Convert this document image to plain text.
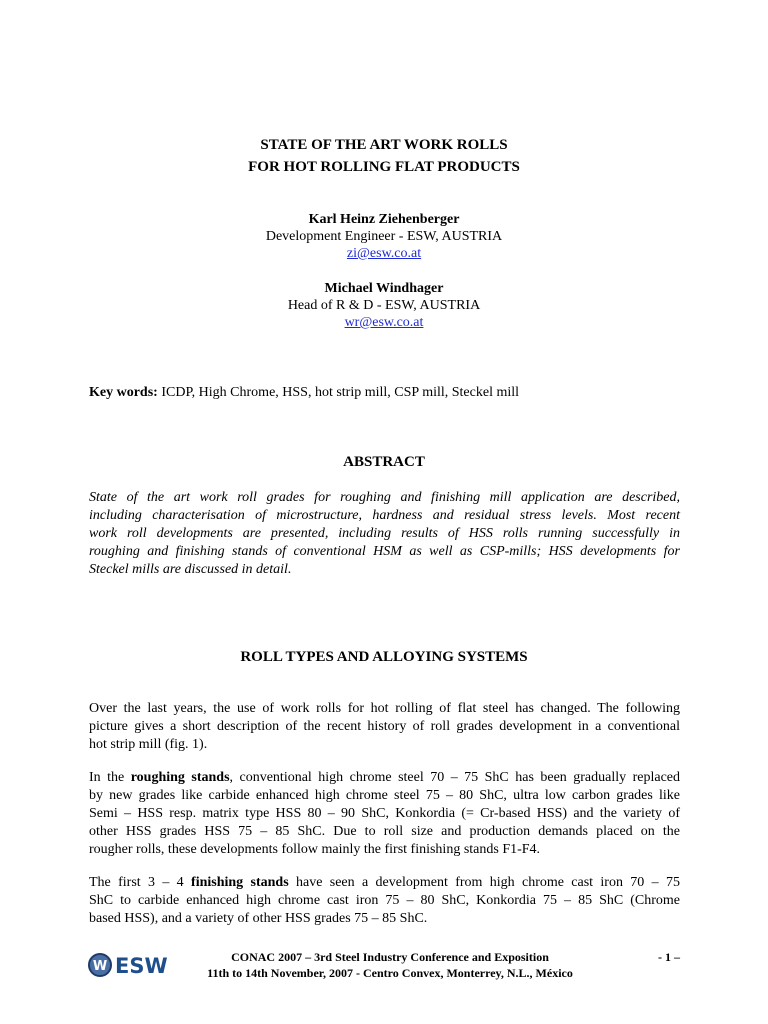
STATE OF THE ART WORK ROLLS
FOR HOT ROLLING FLAT PRODUCTS
Karl Heinz Ziehenberger
Development Engineer - ESW, AUSTRIA
zi@esw.co.at
Michael Windhager
Head of R & D - ESW, AUSTRIA
wr@esw.co.at
Key words: ICDP, High Chrome, HSS, hot strip mill, CSP mill, Steckel mill
ABSTRACT
State of the art work roll grades for roughing and finishing mill application are described,
including characterisation of microstructure, hardness and residual stress levels. Most recent
work roll developments are presented, including results of HSS rolls running successfully in
roughing and finishing stands of conventional HSM as well as CSP-mills; HSS developments for
Steckel mills are discussed in detail.
ROLL TYPES AND ALLOYING SYSTEMS
Over the last years, the use of work rolls for hot rolling of flat steel has changed. The following
picture gives a short description of the recent history of roll grades development in a conventional
hot strip mill (fig. 1).
In the roughing stands, conventional high chrome steel 70 – 75 ShC has been gradually replaced
by new grades like carbide enhanced high chrome steel 75 – 80 ShC, ultra low carbon grades like
Semi – HSS resp. matrix type HSS 80 – 90 ShC, Konkordia (= Cr-based HSS) and the variety of
other HSS grades HSS 75 – 85 ShC. Due to roll size and production demands placed on the
rougher rolls, these developments follow mainly the first finishing stands F1-F4.
The first 3 – 4 finishing stands have seen a development from high chrome cast iron 70 – 75
ShC to carbide enhanced high chrome cast iron 75 – 80 ShC, Konkordia 75 – 85 ShC (Chrome
based HSS), and a variety of other HSS grades 75 – 85 ShC.
W ESW	CONAC 2007 – 3rd Steel Industry Conference and Exposition
11th to 14th November, 2007 - Centro Convex, Monterrey, N.L., México
- 1 –
